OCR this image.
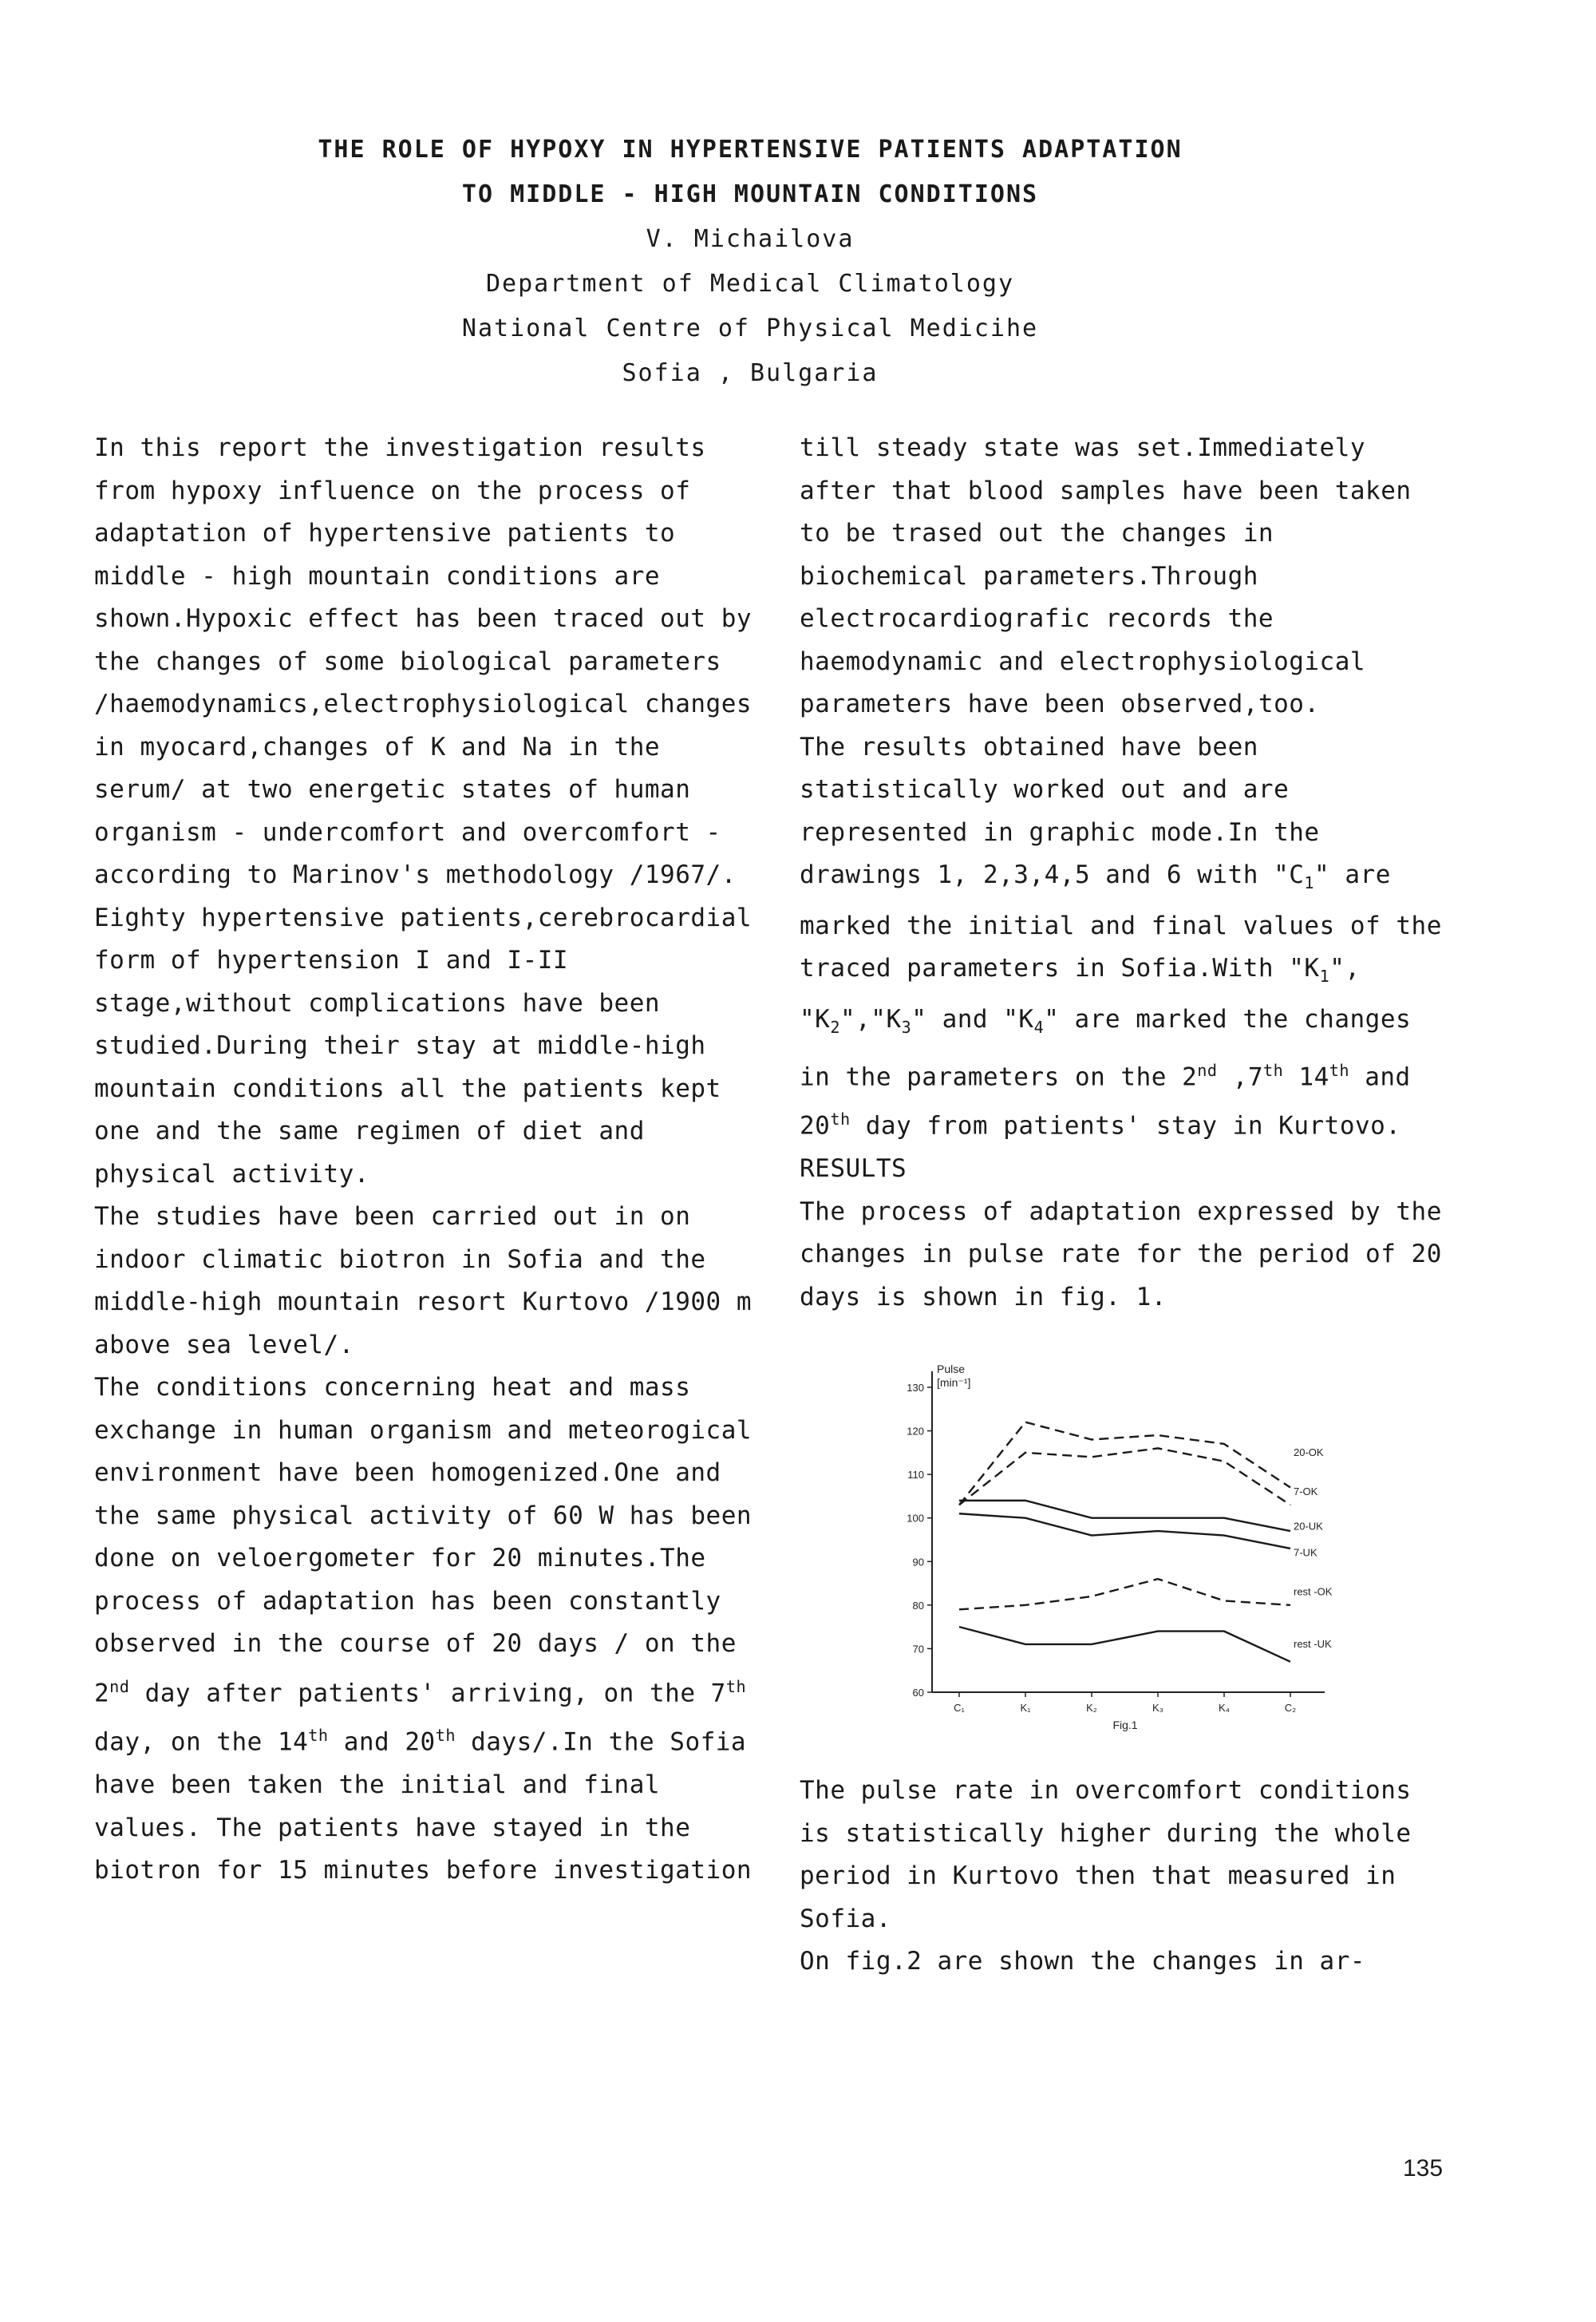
THE ROLE OF HYPOXY IN HYPERTENSIVE PATIENTS ADAPTATION
TO MIDDLE - HIGH MOUNTAIN CONDITIONS
V. Michailova
Department of Medical Climatology
National Centre of Physical Medicihe
Sofia , Bulgaria

In this report the investigation results from hypoxy influence on the process of adaptation of hypertensive patients to middle - high mountain conditions are shown.Hypoxic effect has been traced out by the changes of some biological parameters /haemodynamics,electrophysiological changes in myocard,changes of K and Na in the serum/ at two energetic states of human organism - undercomfort and overcomfort - according to Marinov's methodology /1967/.

Eighty hypertensive patients,cerebrocardial form of hypertension I and I-II stage,without complications have been studied.During their stay at middle-high mountain conditions all the patients kept one and the same regimen of diet and physical activity.

The studies have been carried out in on indoor climatic biotron in Sofia and the middle-high mountain resort Kurtovo /1900 m above sea level/.

The conditions concerning heat and mass exchange in human organism and meteorogical environment have been homogenized.One and the same physical activity of 60 W has been done on veloergometer for 20 minutes.The process of adaptation has been constantly observed in the course of 20 days / on the 2nd day after patients' arriving, on the 7th day, on the 14th and 20th days/.In the Sofia have been taken the initial and final values. The patients have stayed in the biotron for 15 minutes before investigation

till steady state was set.Immediately after that blood samples have been taken to be trased out the changes in biochemical parameters.Through electrocardiografic records the haemodynamic and electrophysiological parameters have been observed,too.

The results obtained have been statistically worked out and are represented in graphic mode.In the drawings 1, 2,3,4,5 and 6 with "$C_1$" are marked the initial and final values of the traced parameters in Sofia.With "$K_1$", "$K_2","K_3$" and "$K_4$" are marked the changes in the parameters on the 2nd ,7th 14th and 20th day from patients' stay in Kurtovo.

RESULTS

The process of adaptation expressed by the changes in pulse rate for the period of 20 days is shown in fig. 1.

The pulse rate in overcomfort conditions is statistically higher during the whole period in Kurtovo then that measured in Sofia.

On fig.2 are shown the changes in ar-

Pulse
[min⁻¹]
Fig.1
60
70
80
90
100
110
120
130
C₁	K₁	K₂	K₃	K₄	C₂
20-OK
7-OK
20-UK
7-UK
rest -OK
rest -UK
135
